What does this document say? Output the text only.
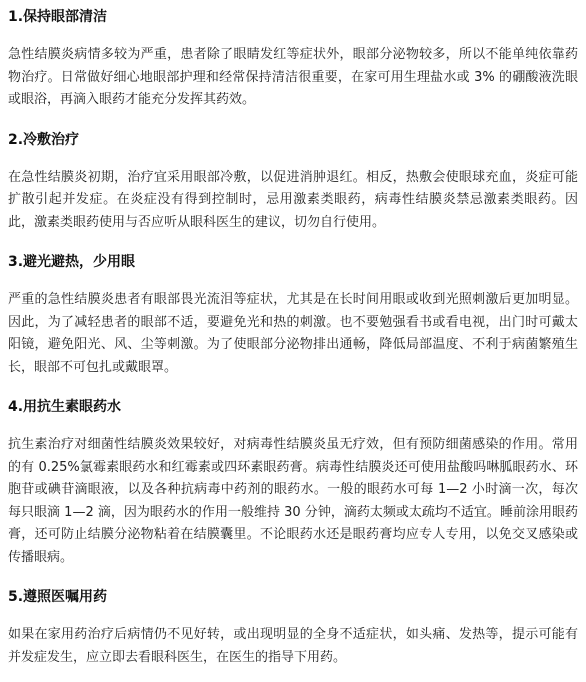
1.保持眼部清洁
急性结膜炎病情多较为严重，患者除了眼睛发红等症状外，眼部分泌物较多，所以不能单纯依靠药物治疗。日常做好细心地眼部护理和经常保持清洁很重要，在家可用生理盐水或 3% 的硼酸液洗眼或眼浴，再滴入眼药才能充分发挥其药效。
2.冷敷治疗
在急性结膜炎初期，治疗宜采用眼部冷敷，以促进消肿退红。相反，热敷会使眼球充血，炎症可能扩散引起并发症。在炎症没有得到控制时，忌用激素类眼药，病毒性结膜炎禁忌激素类眼药。因此，激素类眼药使用与否应听从眼科医生的建议，切勿自行使用。
3.避光避热，少用眼
严重的急性结膜炎患者有眼部畏光流泪等症状，尤其是在长时间用眼或收到光照刺激后更加明显。因此，为了减轻患者的眼部不适，要避免光和热的刺激。也不要勉强看书或看电视，出门时可戴太阳镜，避免阳光、风、尘等刺激。为了使眼部分泌物排出通畅，降低局部温度、不利于病菌繁殖生长，眼部不可包扎或戴眼罩。
4.用抗生素眼药水
抗生素治疗对细菌性结膜炎效果较好，对病毒性结膜炎虽无疗效，但有预防细菌感染的作用。常用的有 0.25%氯霉素眼药水和红霉素或四环素眼药膏。病毒性结膜炎还可使用盐酸吗啉胍眼药水、环胞苷或碘苷滴眼液，以及各种抗病毒中药剂的眼药水。一般的眼药水可每 1—2 小时滴一次，每次每只眼滴 1—2 滴，因为眼药水的作用一般维持 30 分钟，滴药太频或太疏均不适宜。睡前涂用眼药膏，还可防止结膜分泌物粘着在结膜囊里。不论眼药水还是眼药膏均应专人专用，以免交叉感染或传播眼病。
5.遵照医嘱用药
如果在家用药治疗后病情仍不见好转，或出现明显的全身不适症状，如头痛、发热等，提示可能有并发症发生，应立即去看眼科医生，在医生的指导下用药。
